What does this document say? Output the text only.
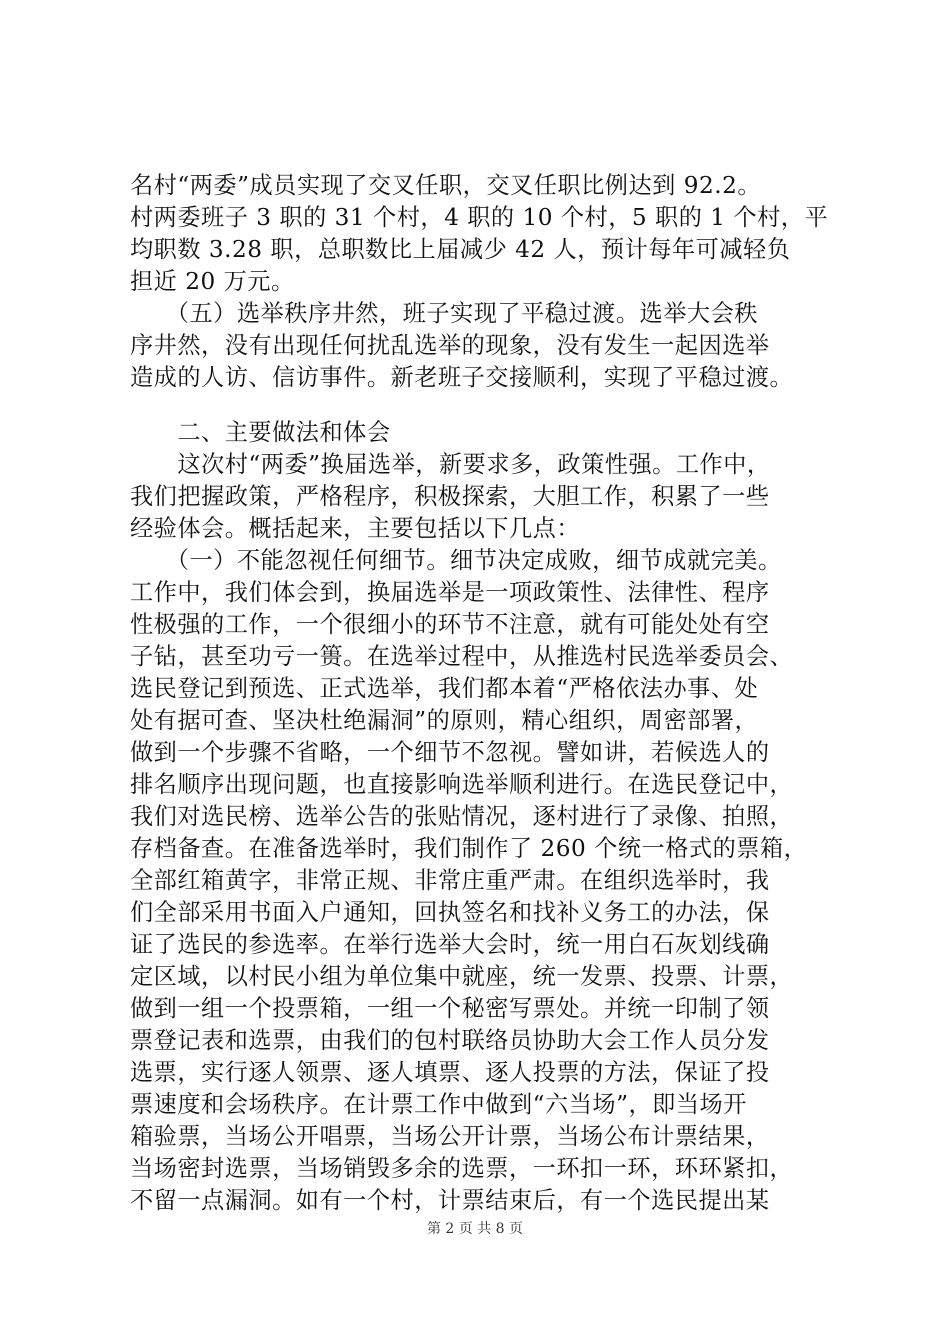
名村“两委”成员实现了交叉任职，交叉任职比例达到 92.2。
村两委班子 3 职的 31 个村，4 职的 10 个村，5 职的 1 个村，平
均职数 3.28 职，总职数比上届减少 42 人，预计每年可减轻负
担近 20 万元。
　　（五）选举秩序井然，班子实现了平稳过渡。选举大会秩
序井然，没有出现任何扰乱选举的现象，没有发生一起因选举
造成的人访、信访事件。新老班子交接顺利，实现了平稳过渡。
　　二、主要做法和体会
　　这次村“两委”换届选举，新要求多，政策性强。工作中，
我们把握政策，严格程序，积极探索，大胆工作，积累了一些
经验体会。概括起来，主要包括以下几点：
　　（一）不能忽视任何细节。细节决定成败，细节成就完美。
工作中，我们体会到，换届选举是一项政策性、法律性、程序
性极强的工作，一个很细小的环节不注意，就有可能处处有空
子钻，甚至功亏一篑。在选举过程中，从推选村民选举委员会、
选民登记到预选、正式选举，我们都本着“严格依法办事、处
处有据可查、坚决杜绝漏洞”的原则，精心组织，周密部署，
做到一个步骤不省略，一个细节不忽视。譬如讲，若候选人的
排名顺序出现问题，也直接影响选举顺利进行。在选民登记中，
我们对选民榜、选举公告的张贴情况，逐村进行了录像、拍照，
存档备查。在准备选举时，我们制作了 260 个统一格式的票箱，
全部红箱黄字，非常正规、非常庄重严肃。在组织选举时，我
们全部采用书面入户通知，回执签名和找补义务工的办法，保
证了选民的参选率。在举行选举大会时，统一用白石灰划线确
定区域，以村民小组为单位集中就座，统一发票、投票、计票，
做到一组一个投票箱，一组一个秘密写票处。并统一印制了领
票登记表和选票，由我们的包村联络员协助大会工作人员分发
选票，实行逐人领票、逐人填票、逐人投票的方法，保证了投
票速度和会场秩序。在计票工作中做到“六当场”，即当场开
箱验票，当场公开唱票，当场公开计票，当场公布计票结果，
当场密封选票，当场销毁多余的选票，一环扣一环，环环紧扣，
不留一点漏洞。如有一个村，计票结束后，有一个选民提出某
第 2 页 共 8 页
